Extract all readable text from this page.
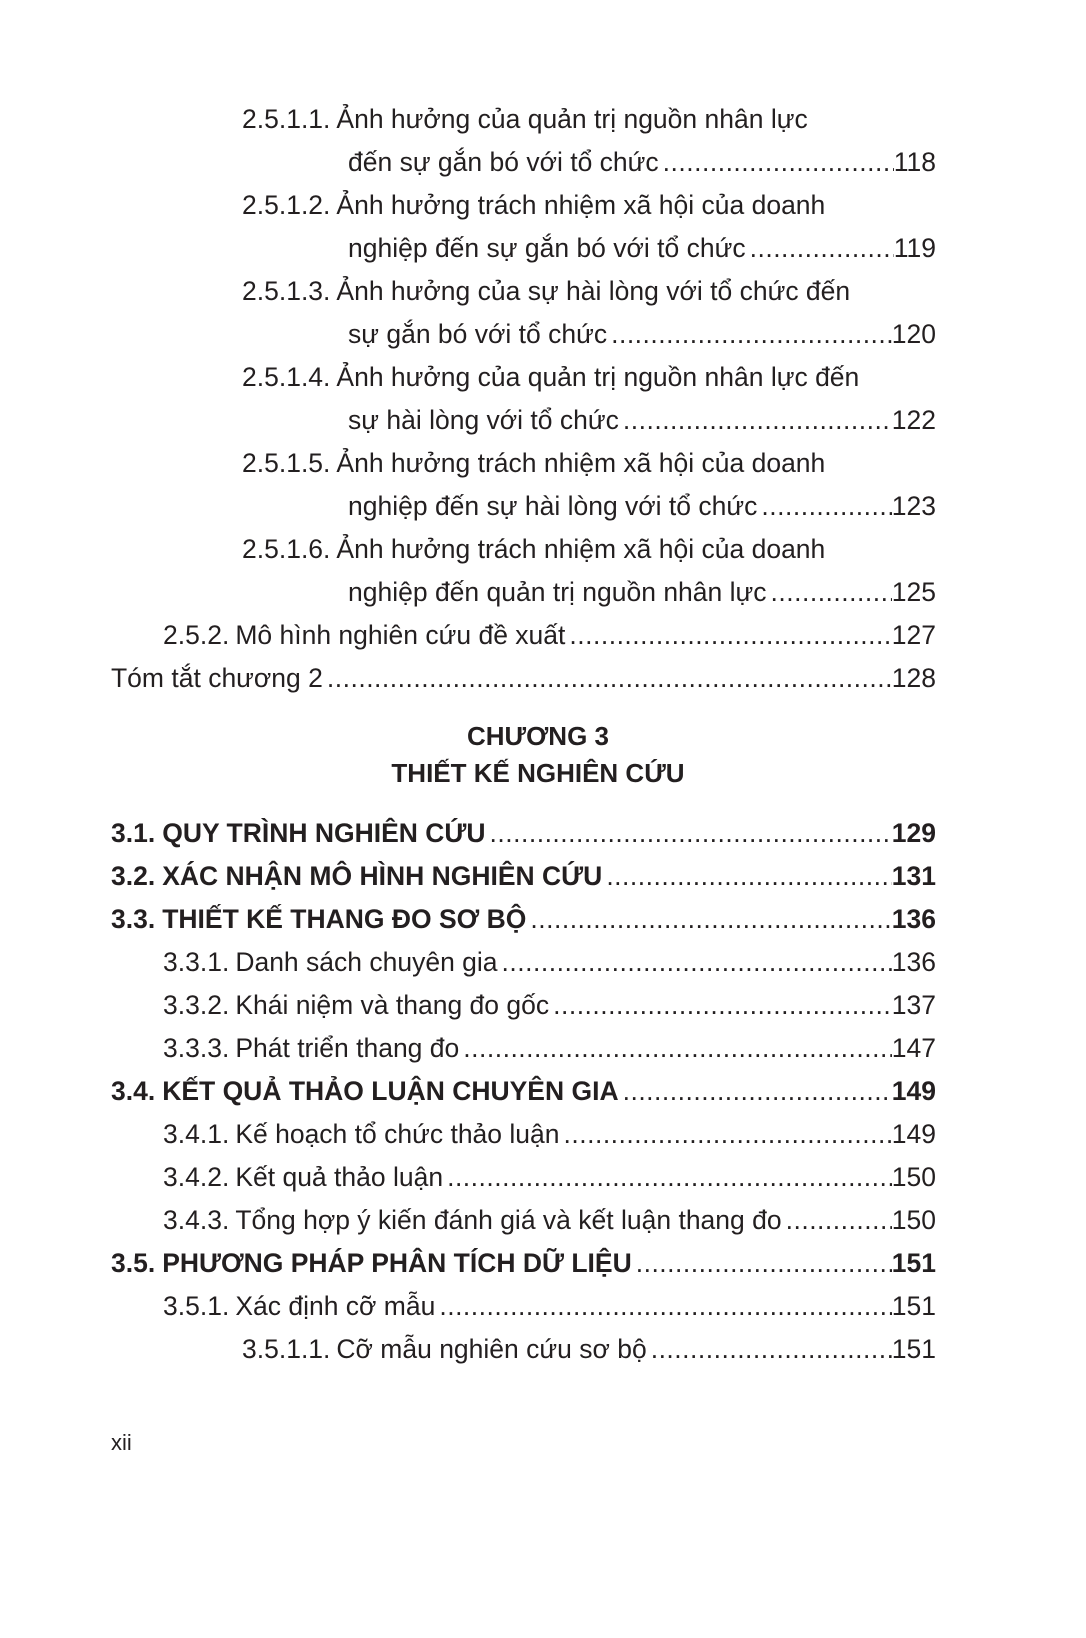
2.5.1.1. Ảnh hưởng của quản trị nguồn nhân lực
đến sự gắn bó với tổ chức .....	118
2.5.1.2. Ảnh hưởng trách nhiệm xã hội của doanh
nghiệp đến sự gắn bó với tổ chức .....	119
2.5.1.3. Ảnh hưởng của sự hài lòng với tổ chức đến
sự gắn bó với tổ chức .....	120
2.5.1.4. Ảnh hưởng của quản trị nguồn nhân lực đến
sự hài lòng với tổ chức .....	122
2.5.1.5. Ảnh hưởng trách nhiệm xã hội của doanh
nghiệp đến sự hài lòng với tổ chức .....	123
2.5.1.6. Ảnh hưởng trách nhiệm xã hội của doanh
nghiệp đến quản trị nguồn nhân lực .....	125
2.5.2. Mô hình nghiên cứu đề xuất .....	127
Tóm tắt chương 2 .....	128
CHƯƠNG 3
THIẾT KẾ NGHIÊN CỨU
3.1. QUY TRÌNH NGHIÊN CỨU .....	129
3.2. XÁC NHẬN MÔ HÌNH NGHIÊN CỨU .....	131
3.3. THIẾT KẾ THANG ĐO SƠ BỘ .....	136
3.3.1. Danh sách chuyên gia .....	136
3.3.2. Khái niệm và thang đo gốc .....	137
3.3.3. Phát triển thang đo .....	147
3.4. KẾT QUẢ THẢO LUẬN CHUYÊN GIA .....	149
3.4.1. Kế hoạch tổ chức thảo luận .....	149
3.4.2. Kết quả thảo luận .....	150
3.4.3. Tổng hợp ý kiến đánh giá và kết luận thang đo .....	150
3.5. PHƯƠNG PHÁP PHÂN TÍCH DỮ LIỆU .....	151
3.5.1. Xác định cỡ mẫu .....	151
3.5.1.1. Cỡ mẫu nghiên cứu sơ bộ .....	151
xii
